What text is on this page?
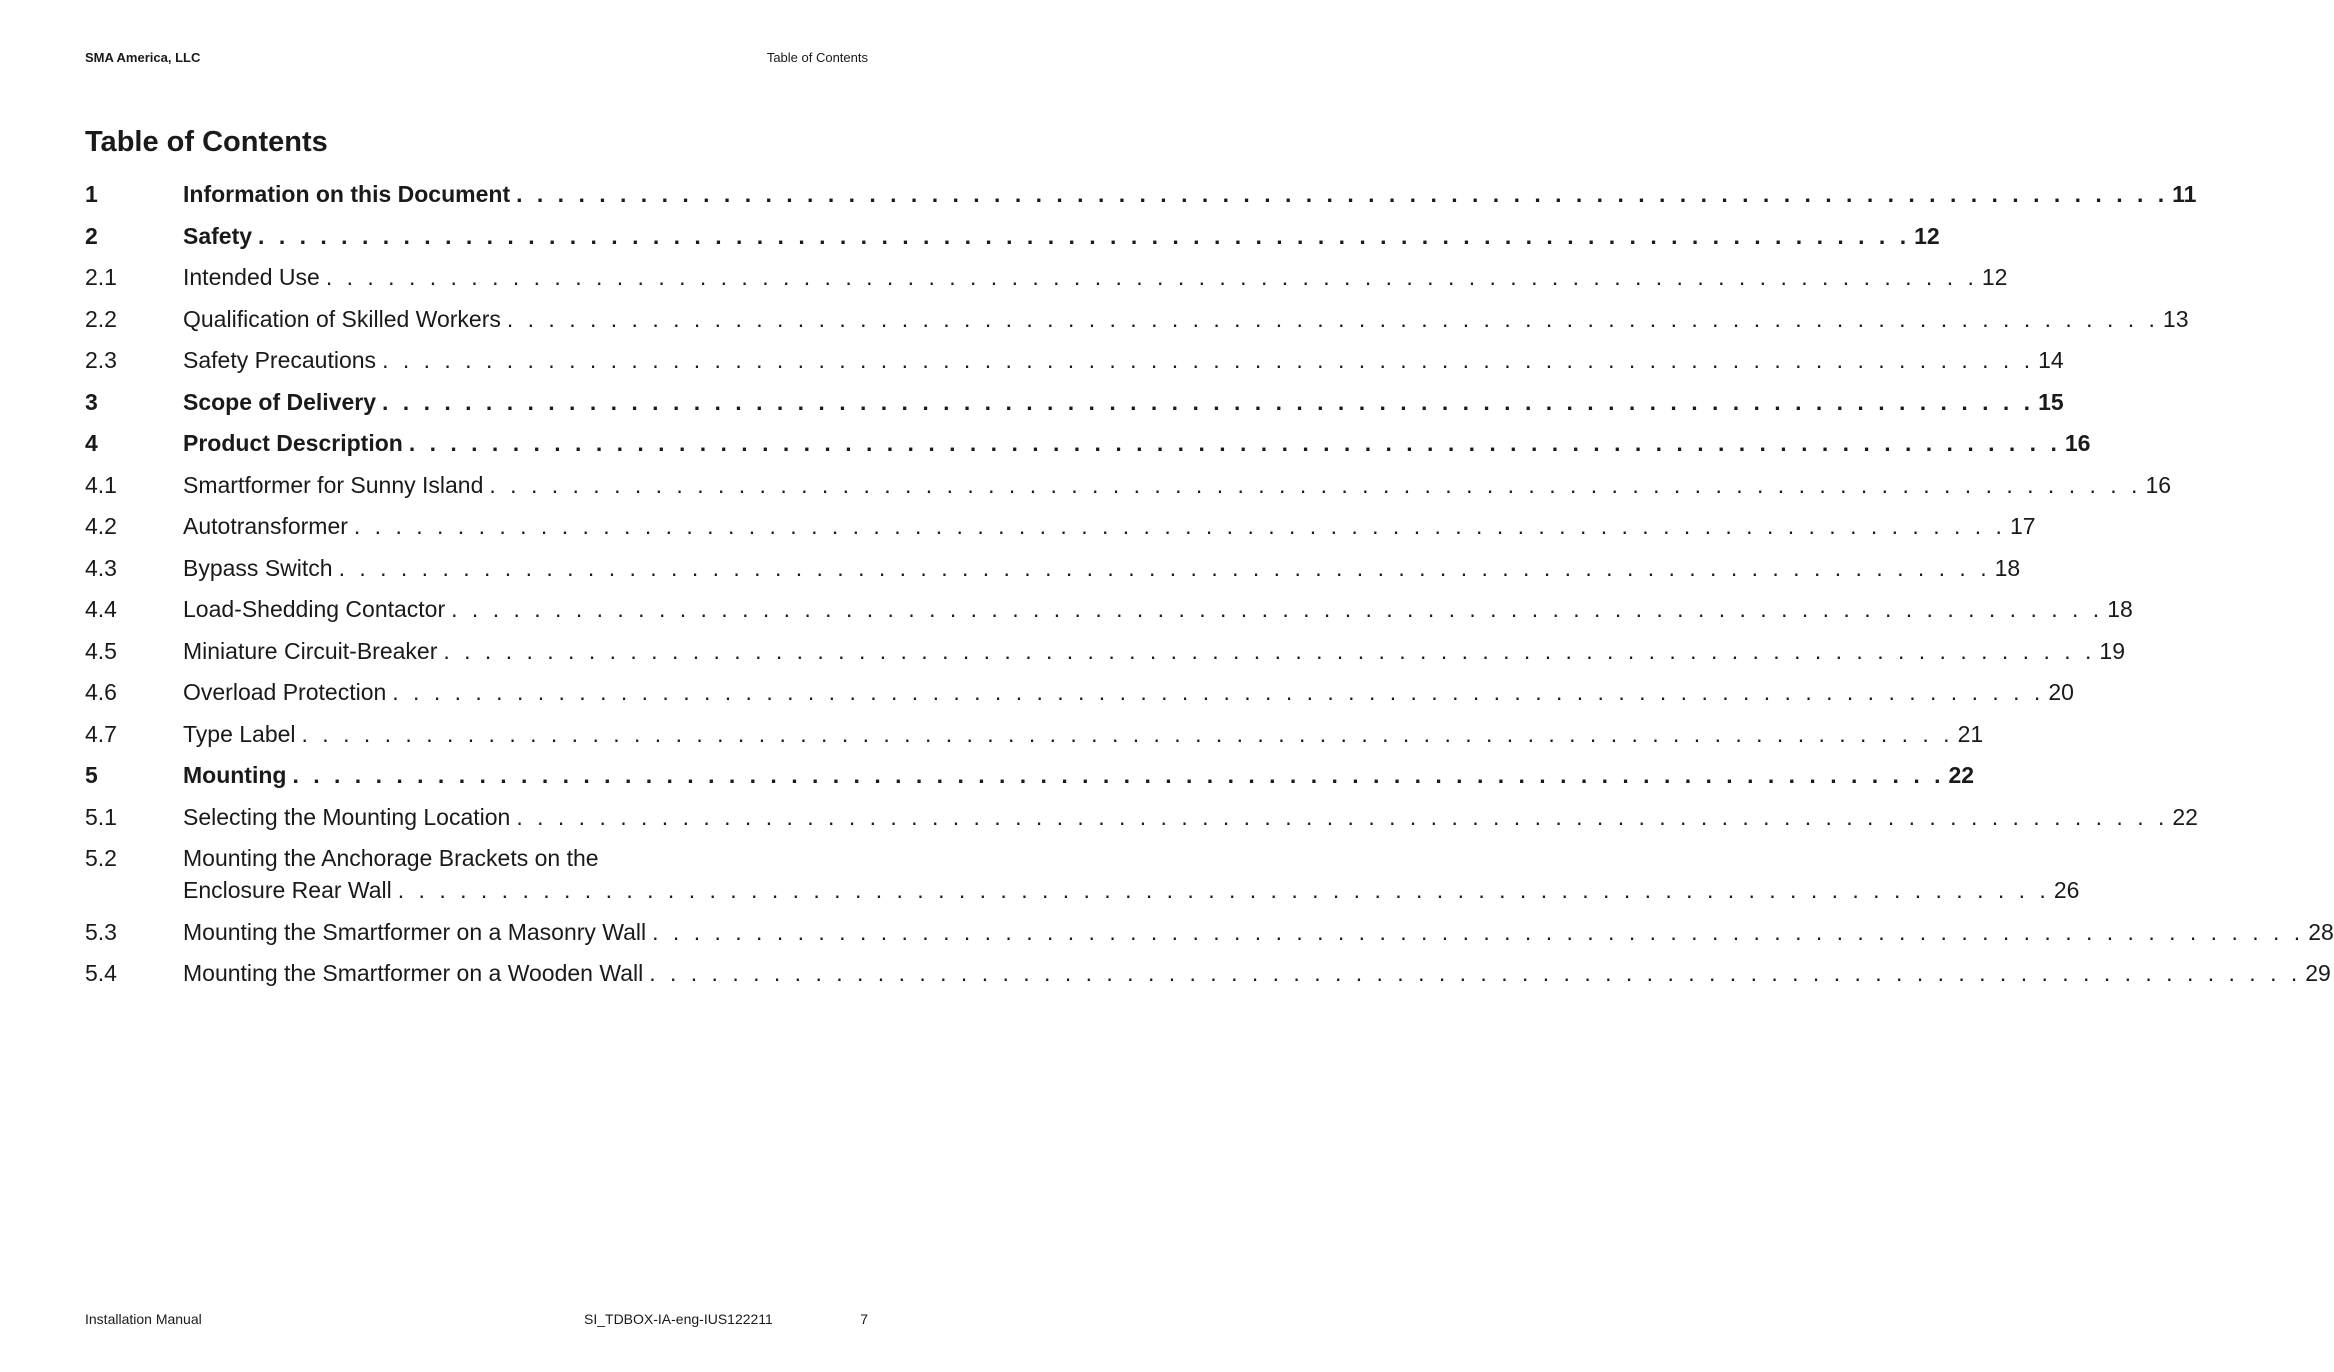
SMA America, LLC	Table of Contents
Table of Contents
1	Information on this Document . . . . . . . . . . . . . . . . . . . . . . . . . . . . . . . . . . . . . . . . . . . . . . . . . . . . . . . . . . . . . . . . . . . . . . . . . . . . . . . . 11
2	Safety . . . . . . . . . . . . . . . . . . . . . . . . . . . . . . . . . . . . . . . . . . . . . . . . . . . . . . . . . . . . . . . . . . . . . . . . . . . . . . . . 12
2.1	Intended Use . . . . . . . . . . . . . . . . . . . . . . . . . . . . . . . . . . . . . . . . . . . . . . . . . . . . . . . . . . . . . . . . . . . . . . . . . . . . . . . . 12
2.2	Qualification of Skilled Workers . . . . . . . . . . . . . . . . . . . . . . . . . . . . . . . . . . . . . . . . . . . . . . . . . . . . . . . . . . . . . . . . . . . . . . . . . . . . . . . . 13
2.3	Safety Precautions . . . . . . . . . . . . . . . . . . . . . . . . . . . . . . . . . . . . . . . . . . . . . . . . . . . . . . . . . . . . . . . . . . . . . . . . . . . . . . . . 14
3	Scope of Delivery . . . . . . . . . . . . . . . . . . . . . . . . . . . . . . . . . . . . . . . . . . . . . . . . . . . . . . . . . . . . . . . . . . . . . . . . . . . . . . . . 15
4	Product Description . . . . . . . . . . . . . . . . . . . . . . . . . . . . . . . . . . . . . . . . . . . . . . . . . . . . . . . . . . . . . . . . . . . . . . . . . . . . . . . . 16
4.1	Smartformer for Sunny Island . . . . . . . . . . . . . . . . . . . . . . . . . . . . . . . . . . . . . . . . . . . . . . . . . . . . . . . . . . . . . . . . . . . . . . . . . . . . . . . . 16
4.2	Autotransformer . . . . . . . . . . . . . . . . . . . . . . . . . . . . . . . . . . . . . . . . . . . . . . . . . . . . . . . . . . . . . . . . . . . . . . . . . . . . . . . . 17
4.3	Bypass Switch . . . . . . . . . . . . . . . . . . . . . . . . . . . . . . . . . . . . . . . . . . . . . . . . . . . . . . . . . . . . . . . . . . . . . . . . . . . . . . . . 18
4.4	Load-Shedding Contactor . . . . . . . . . . . . . . . . . . . . . . . . . . . . . . . . . . . . . . . . . . . . . . . . . . . . . . . . . . . . . . . . . . . . . . . . . . . . . . . . 18
4.5	Miniature Circuit-Breaker . . . . . . . . . . . . . . . . . . . . . . . . . . . . . . . . . . . . . . . . . . . . . . . . . . . . . . . . . . . . . . . . . . . . . . . . . . . . . . . . 19
4.6	Overload Protection . . . . . . . . . . . . . . . . . . . . . . . . . . . . . . . . . . . . . . . . . . . . . . . . . . . . . . . . . . . . . . . . . . . . . . . . . . . . . . . . 20
4.7	Type Label . . . . . . . . . . . . . . . . . . . . . . . . . . . . . . . . . . . . . . . . . . . . . . . . . . . . . . . . . . . . . . . . . . . . . . . . . . . . . . . . 21
5	Mounting . . . . . . . . . . . . . . . . . . . . . . . . . . . . . . . . . . . . . . . . . . . . . . . . . . . . . . . . . . . . . . . . . . . . . . . . . . . . . . . . 22
5.1	Selecting the Mounting Location . . . . . . . . . . . . . . . . . . . . . . . . . . . . . . . . . . . . . . . . . . . . . . . . . . . . . . . . . . . . . . . . . . . . . . . . . . . . . . . . 22
5.2	Mounting the Anchorage Brackets on the
Enclosure Rear Wall . . . . . . . . . . . . . . . . . . . . . . . . . . . . . . . . . . . . . . . . . . . . . . . . . . . . . . . . . . . . . . . . . . . . . . . . . . . . . . . . 26
5.3	Mounting the Smartformer on a Masonry Wall . . . . . . . . . . . . . . . . . . . . . . . . . . . . . . . . . . . . . . . . . . . . . . . . . . . . . . . . . . . . . . . . . . . . . . . . . . . . . . . . 28
5.4	Mounting the Smartformer on a Wooden Wall . . . . . . . . . . . . . . . . . . . . . . . . . . . . . . . . . . . . . . . . . . . . . . . . . . . . . . . . . . . . . . . . . . . . . . . . . . . . . . . . 29
Installation Manual	SI_TDBOX-IA-eng-IUS122211	7
